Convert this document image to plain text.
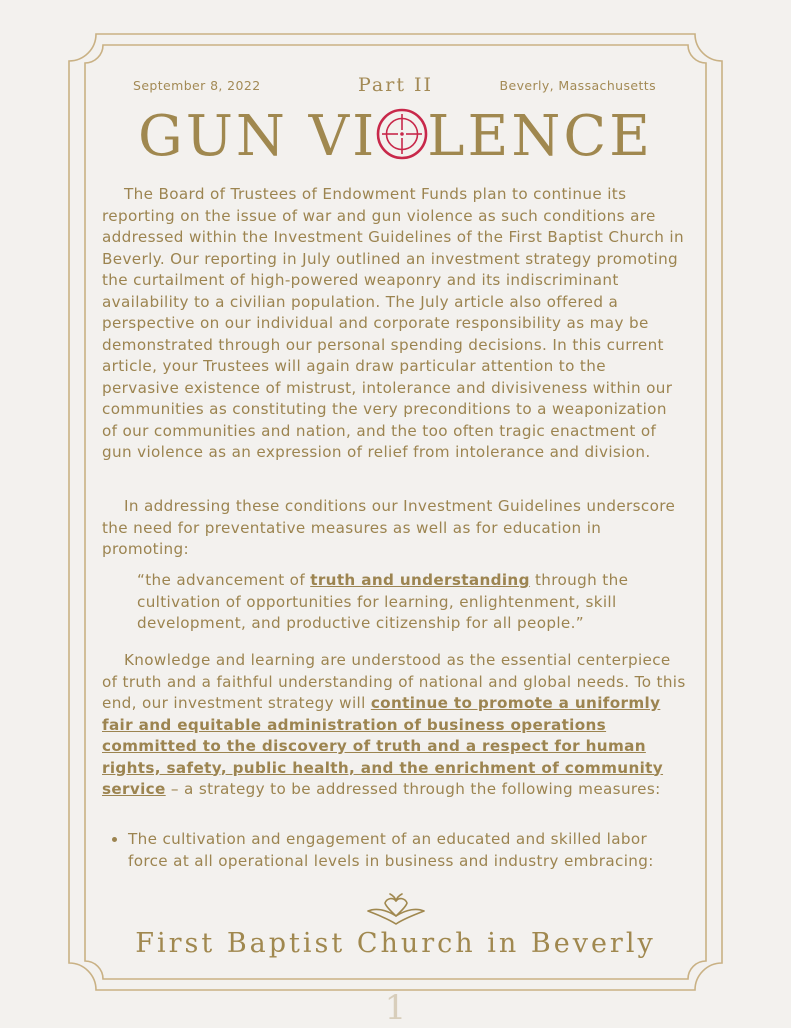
September 8, 2022	Part II	Beverly, Massachusetts
GUN VI LENCE

The Board of Trustees of Endowment Funds plan to continue its reporting on the issue of war and gun violence as such conditions are addressed within the Investment Guidelines of the First Baptist Church in Beverly. Our reporting in July outlined an investment strategy promoting the curtailment of high-powered weaponry and its indiscriminant availability to a civilian population. The July article also offered a perspective on our individual and corporate responsibility as may be demonstrated through our personal spending decisions. In this current article, your Trustees will again draw particular attention to the pervasive existence of mistrust, intolerance and divisiveness within our communities as constituting the very preconditions to a weaponization of our communities and nation, and the too often tragic enactment of gun violence as an expression of relief from intolerance and division.

In addressing these conditions our Investment Guidelines underscore the need for preventative measures as well as for education in promoting:

“the advancement of truth and understanding through the cultivation of opportunities for learning, enlightenment, skill development, and productive citizenship for all people.”

Knowledge and learning are understood as the essential centerpiece of truth and a faithful understanding of national and global needs. To this end, our investment strategy will continue to promote a uniformly fair and equitable administration of business operations committed to the discovery of truth and a respect for human rights, safety, public health, and the enrichment of community service – a strategy to be addressed through the following measures:

• The cultivation and engagement of an educated and skilled labor force at all operational levels in business and industry embracing:
First Baptist Church in Beverly
1
